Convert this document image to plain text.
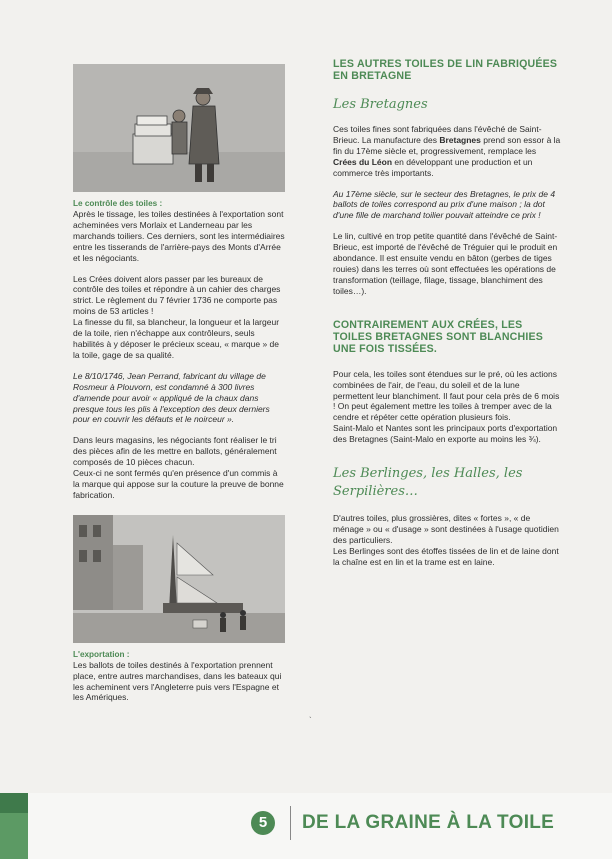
Le contrôle des toiles :

Après le tissage, les toiles destinées à l'exportation sont acheminées vers Morlaix et Landerneau par les marchands toiliers. Ces derniers, sont les intermédiaires entre les tisserands de l'arrière-pays des Monts d'Arrée et les négociants.

Les Crées doivent alors passer par les bureaux de contrôle des toiles et répondre à un cahier des charges strict. Le règlement du 7 février 1736 ne comporte pas moins de 53 articles !

La finesse du fil, sa blancheur, la longueur et la largeur de la toile, rien n'échappe aux contrôleurs, seuls habilités à y déposer le précieux sceau, « marque » de la toile, gage de sa qualité.

Le 8/10/1746, Jean Perrand, fabricant du village de Rosmeur à Plouvorn, est condamné à 300 livres d'amende pour avoir « appliqué de la chaux dans presque tous les plis à l'exception des deux derniers pour en couvrir les défauts et le noirceur ».

Dans leurs magasins, les négociants font réaliser le tri des pièces afin de les mettre en ballots, généralement composés de 10 pièces chacun.

Ceux-ci ne sont fermés qu'en présence d'un commis à la marque qui appose sur la couture la preuve de bonne fabrication.

L'exportation :

Les ballots de toiles destinés à l'exportation prennent place, entre autres marchandises, dans les bateaux qui les acheminent vers l'Angleterre puis vers l'Espagne et les Amériques.

LES AUTRES TOILES DE LIN FABRIQUÉES EN BRETAGNE
Les Bretagnes

Ces toiles fines sont fabriquées dans l'évêché de Saint-Brieuc. La manufacture des Bretagnes prend son essor à la fin du 17ème siècle et, progressivement, remplace les Crées du Léon en développant une production et un commerce très importants.

Au 17ème siècle, sur le secteur des Bretagnes, le prix de 4 ballots de toiles correspond au prix d'une maison ; la dot d'une fille de marchand toilier pouvait atteindre ce prix !

Le lin, cultivé en trop petite quantité dans l'évêché de Saint-Brieuc, est importé de l'évêché de Tréguier qui le produit en abondance. Il est ensuite vendu en bâton (gerbes de tiges rouies) dans les terres où sont effectuées les opérations de transformation (teillage, filage, tissage, blanchiment des toiles…).

CONTRAIREMENT AUX CRÉES, LES TOILES BRETAGNES SONT BLANCHIES UNE FOIS TISSÉES.

Pour cela, les toiles sont étendues sur le pré, où les actions combinées de l'air, de l'eau, du soleil et de la lune permettent leur blanchiment. Il faut pour cela près de 6 mois ! On peut également mettre les toiles à tremper avec de la cendre et répéter cette opération plusieurs fois.

Saint-Malo et Nantes sont les principaux ports d'exportation des Bretagnes (Saint-Malo en exporte au moins les ¾).

Les Berlinges, les Halles, les Serpilières…

D'autres toiles, plus grossières, dites « fortes », « de ménage » ou « d'usage » sont destinées à l'usage quotidien des particuliers.

Les Berlinges sont des étoffes tissées de lin et de laine dont la chaîne est en lin et la trame est en laine.

`
5	DE LA GRAINE À LA TOILE
